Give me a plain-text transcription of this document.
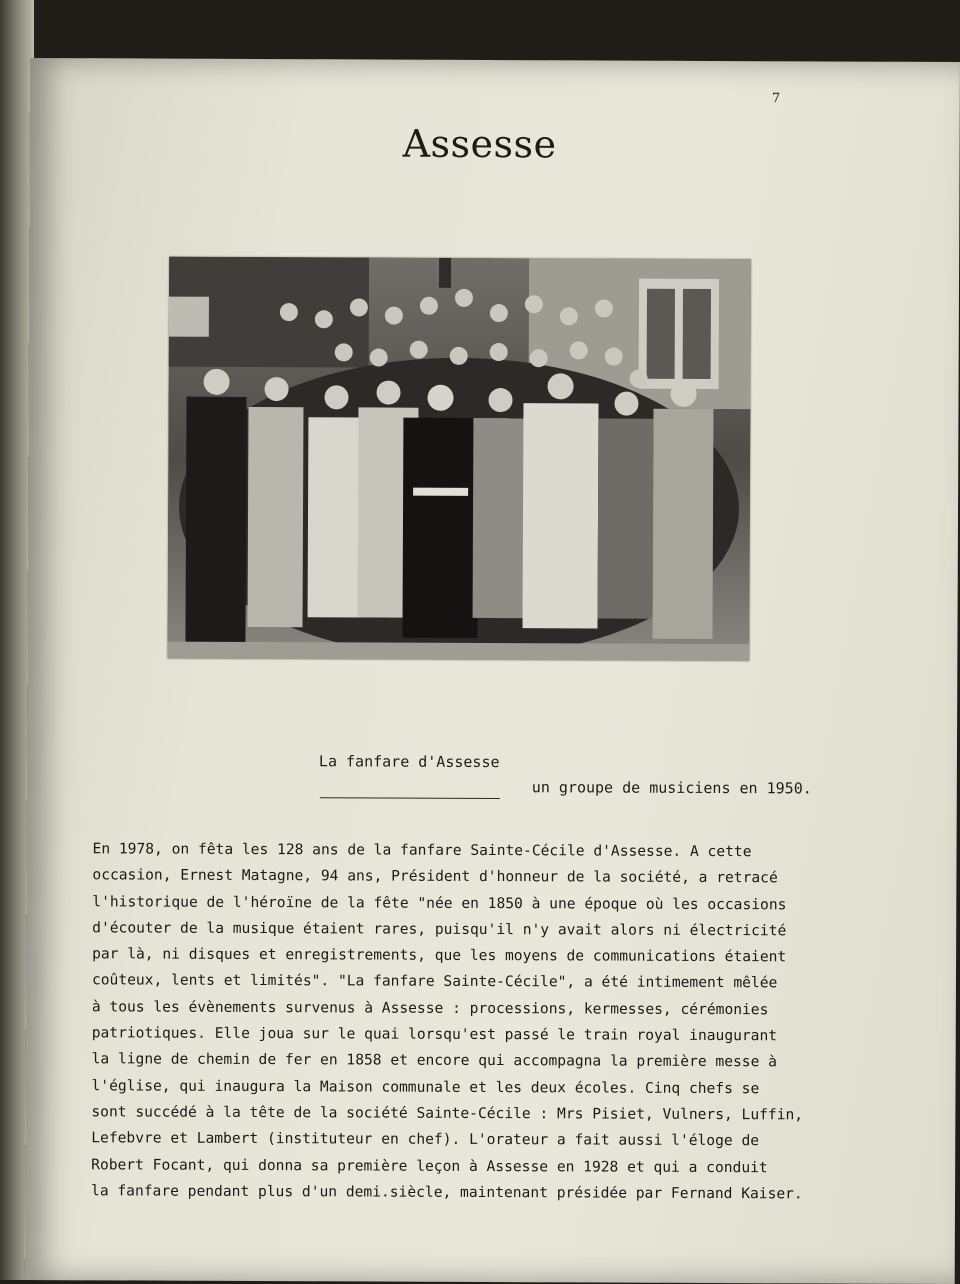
7
Assesse
La fanfare d'Assesse
un groupe de musiciens en 1950.
En 1978, on fêta les 128 ans de la fanfare Sainte-Cécile d'Assesse. A cette
occasion, Ernest Matagne, 94 ans, Président d'honneur de la société, a retracé
l'historique de l'héroïne de la fête "née en 1850 à une époque où les occasions
d'écouter de la musique étaient rares, puisqu'il n'y avait alors ni électricité
par là, ni disques et enregistrements, que les moyens de communications étaient
coûteux, lents et limités". "La fanfare Sainte-Cécile", a été intimement mêlée
à tous les évènements survenus à Assesse : processions, kermesses, cérémonies
patriotiques. Elle joua sur le quai lorsqu'est passé le train royal inaugurant
la ligne de chemin de fer en 1858 et encore qui accompagna la première messe à
l'église, qui inaugura la Maison communale et les deux écoles. Cinq chefs se
sont succédé à la tête de la société Sainte-Cécile : Mrs Pisiet, Vulners, Luffin,
Lefebvre et Lambert (instituteur en chef). L'orateur a fait aussi l'éloge de
Robert Focant, qui donna sa première leçon à Assesse en 1928 et qui a conduit
la fanfare pendant plus d'un demi.siècle, maintenant présidée par Fernand Kaiser.
